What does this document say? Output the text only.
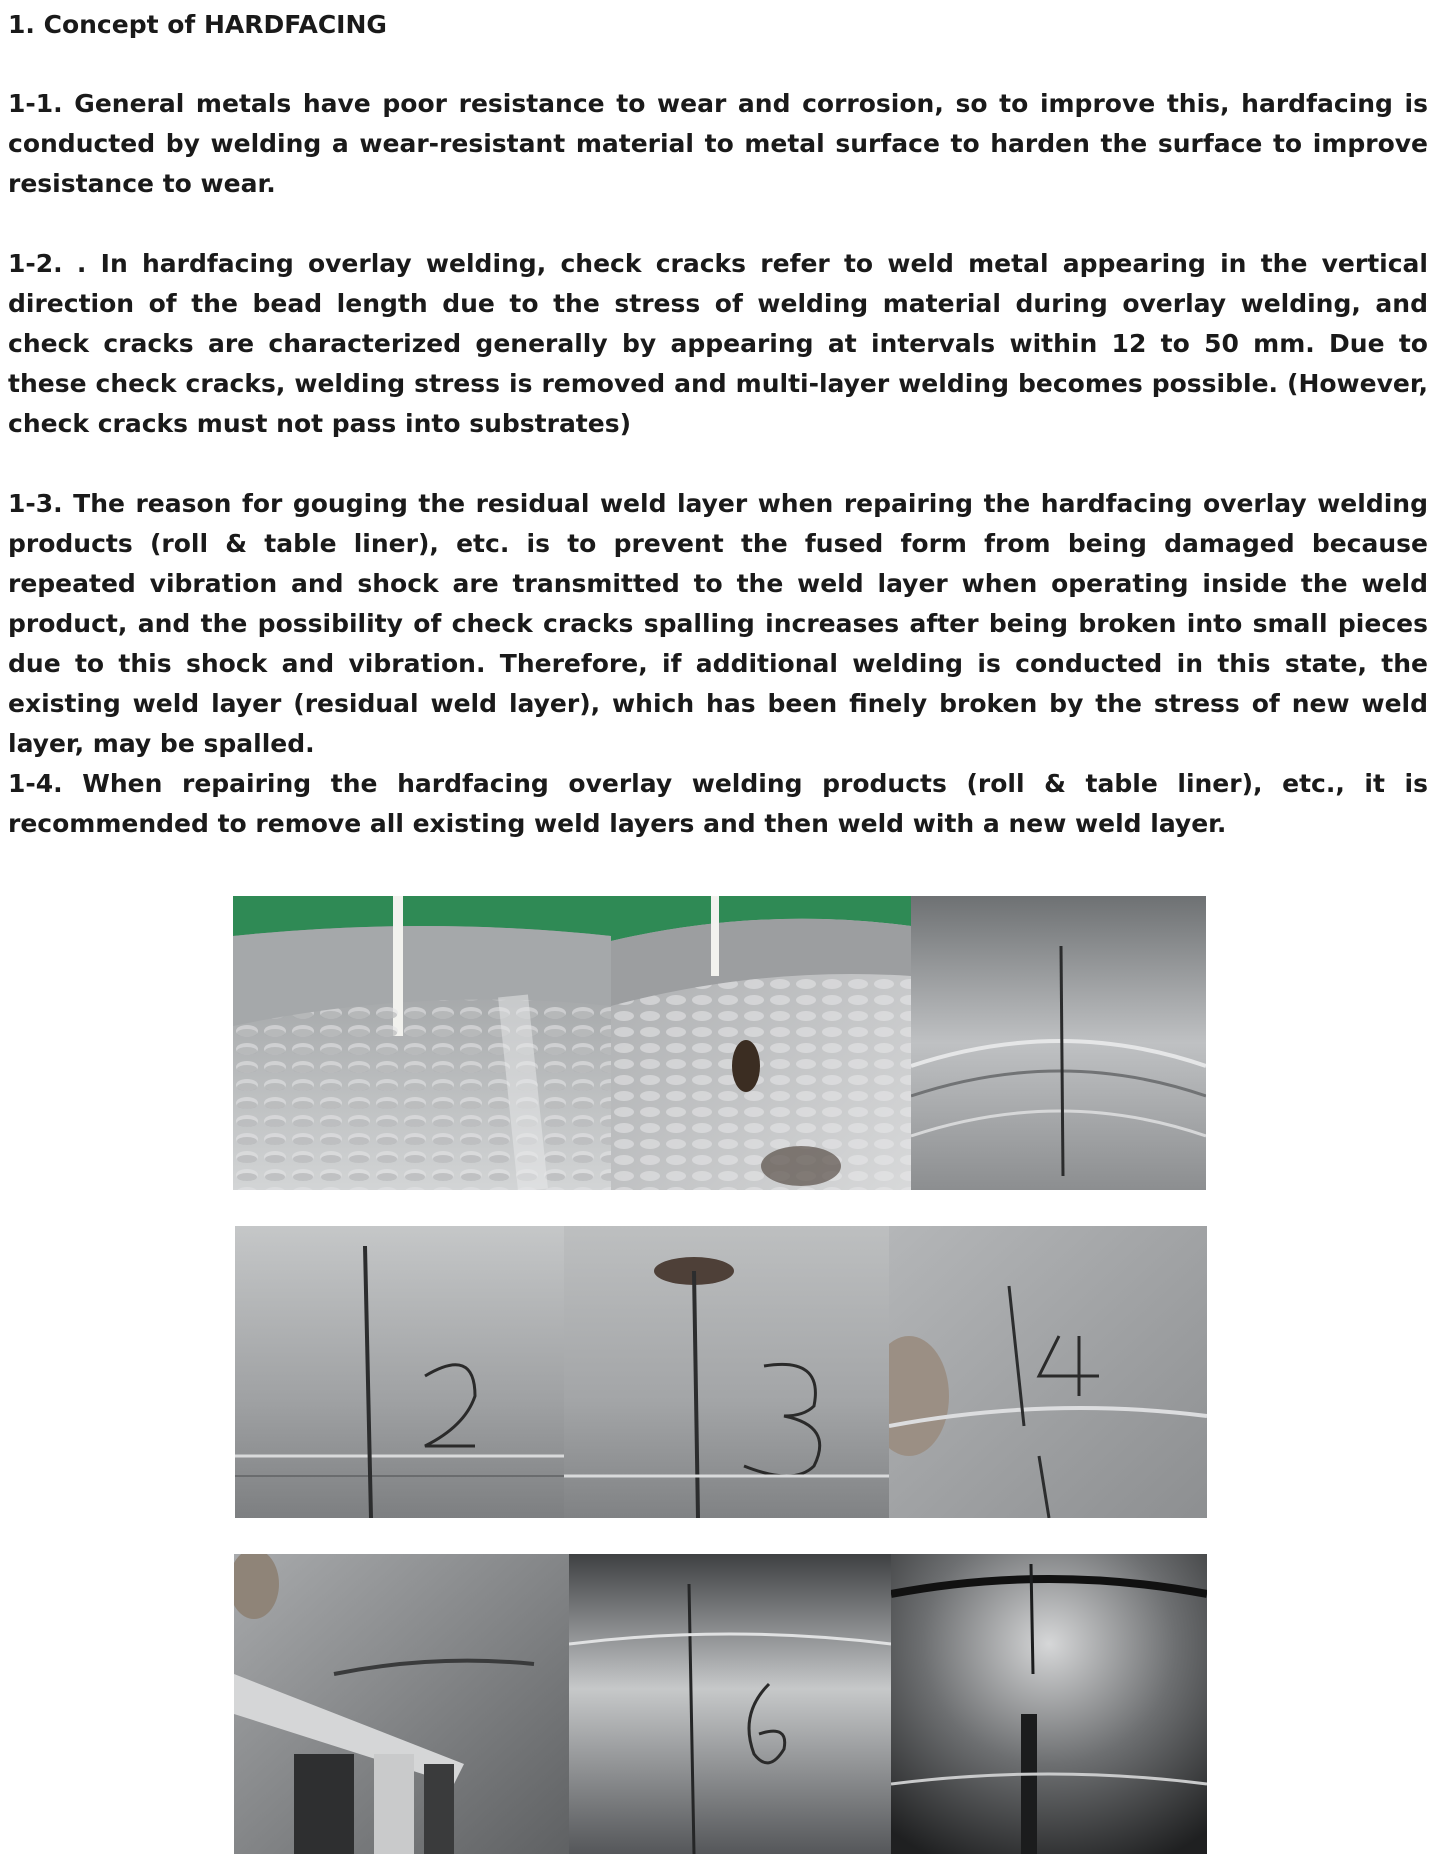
1. Concept of HARDFACING

1-1. General metals have poor resistance to wear and corrosion, so to improve this, hardfacing is conducted by welding a wear-resistant material to metal surface to harden the surface to improve resistance to wear.

1-2. . In hardfacing overlay welding, check cracks refer to weld metal appearing in the vertical direction of the bead length due to the stress of welding material during overlay welding, and check cracks are characterized generally by appearing at intervals within 12 to 50 mm. Due to these check cracks, welding stress is removed and multi-layer welding becomes possible. (However, check cracks must not pass into substrates)

1-3. The reason for gouging the residual weld layer when repairing the hardfacing overlay welding products (roll & table liner), etc. is to prevent the fused form from being damaged because repeated vibration and shock are transmitted to the weld layer when operating inside the weld product, and the possibility of check cracks spalling increases after being broken into small pieces due to this shock and vibration. Therefore, if additional welding is conducted in this state, the existing weld layer (residual weld layer), which has been finely broken by the stress of new weld layer, may be spalled.

1-4. When repairing the hardfacing overlay welding products (roll & table liner), etc., it is recommended to remove all existing weld layers and then weld with a new weld layer.
